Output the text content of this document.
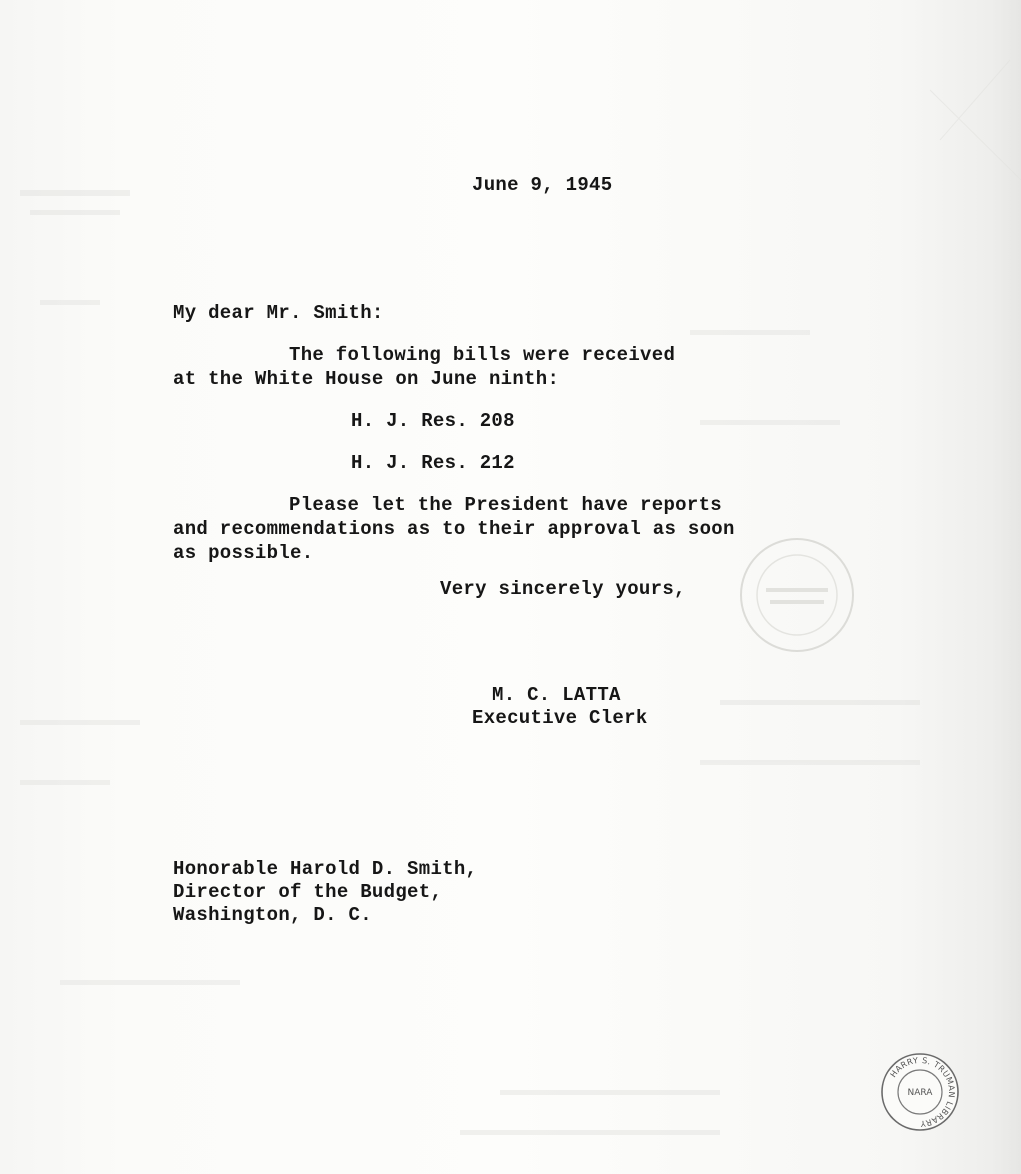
June 9, 1945

My dear Mr. Smith:

The following bills were received

at the White House on June ninth:

H. J. Res. 208

H. J. Res. 212

Please let the President have reports

and recommendations as to their approval as soon

as possible.

Very sincerely yours,

M. C. LATTA

Executive Clerk

Honorable Harold D. Smith,

Director of the Budget,

Washington, D. C.

HARRY S. TRUMAN LIBRARY
NARA
